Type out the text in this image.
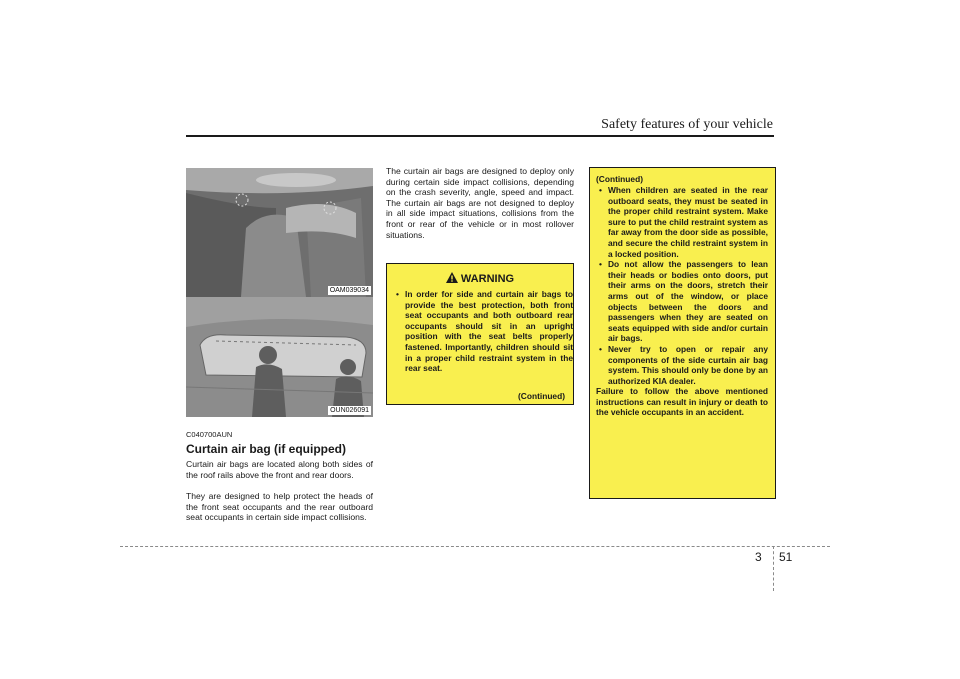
Safety features of your vehicle
OAM039034
OUN026091
C040700AUN
Curtain air bag (if equipped)
Curtain air bags are located along both sides of the roof rails above the front and rear doors.
They are designed to help protect the heads of the front seat occupants and the rear outboard seat occupants in certain side impact collisions.
The curtain air bags are designed to deploy only during certain side impact collisions, depending on the crash severity, angle, speed and impact. The curtain air bags are not designed to deploy in all side impact situations, collisions from the front or rear of the vehicle or in most rollover situations.
WARNING
• In order for side and curtain air bags to provide the best protection, both front seat occupants and both outboard rear occupants should sit in an upright position with the seat belts properly fastened. Importantly, children should sit in a proper child restraint system in the rear seat.
(Continued)
(Continued)
• When children are seated in the rear outboard seats, they must be seated in the proper child restraint system. Make sure to put the child restraint system as far away from the door side as possible, and secure the child restraint system in a locked position.
• Do not allow the passengers to lean their heads or bodies onto doors, put their arms on the doors, stretch their arms out of the window, or place objects between the doors and passengers when they are seated on seats equipped with side and/or curtain air bags.
• Never try to open or repair any components of the side curtain air bag system. This should only be done by an authorized KIA dealer.
Failure to follow the above mentioned instructions can result in injury or death to the vehicle occupants in an accident.
3 51
